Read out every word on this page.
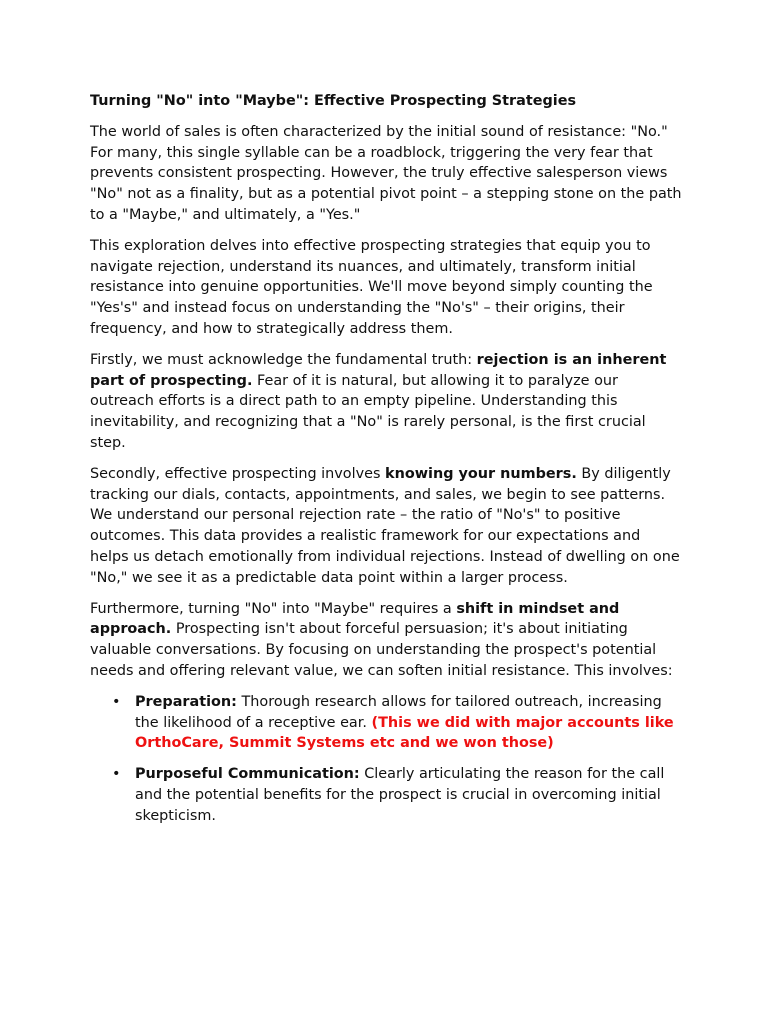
Turning "No" into "Maybe": Effective Prospecting Strategies

The world of sales is often characterized by the initial sound of resistance: "No." For many, this single syllable can be a roadblock, triggering the very fear that prevents consistent prospecting. However, the truly effective salesperson views "No" not as a finality, but as a potential pivot point – a stepping stone on the path to a "Maybe," and ultimately, a "Yes."

This exploration delves into effective prospecting strategies that equip you to navigate rejection, understand its nuances, and ultimately, transform initial resistance into genuine opportunities. We'll move beyond simply counting the "Yes's" and instead focus on understanding the "No's" – their origins, their frequency, and how to strategically address them.

Firstly, we must acknowledge the fundamental truth: rejection is an inherent part of prospecting. Fear of it is natural, but allowing it to paralyze our outreach efforts is a direct path to an empty pipeline. Understanding this inevitability, and recognizing that a "No" is rarely personal, is the first crucial step.

Secondly, effective prospecting involves knowing your numbers. By diligently tracking our dials, contacts, appointments, and sales, we begin to see patterns. We understand our personal rejection rate – the ratio of "No's" to positive outcomes. This data provides a realistic framework for our expectations and helps us detach emotionally from individual rejections. Instead of dwelling on one "No," we see it as a predictable data point within a larger process.

Furthermore, turning "No" into "Maybe" requires a shift in mindset and approach. Prospecting isn't about forceful persuasion; it's about initiating valuable conversations. By focusing on understanding the prospect's potential needs and offering relevant value, we can soften initial resistance. This involves:

• Preparation: Thorough research allows for tailored outreach, increasing the likelihood of a receptive ear. (This we did with major accounts like OrthoCare, Summit Systems etc and we won those)
• Purposeful Communication: Clearly articulating the reason for the call and the potential benefits for the prospect is crucial in overcoming initial skepticism.
